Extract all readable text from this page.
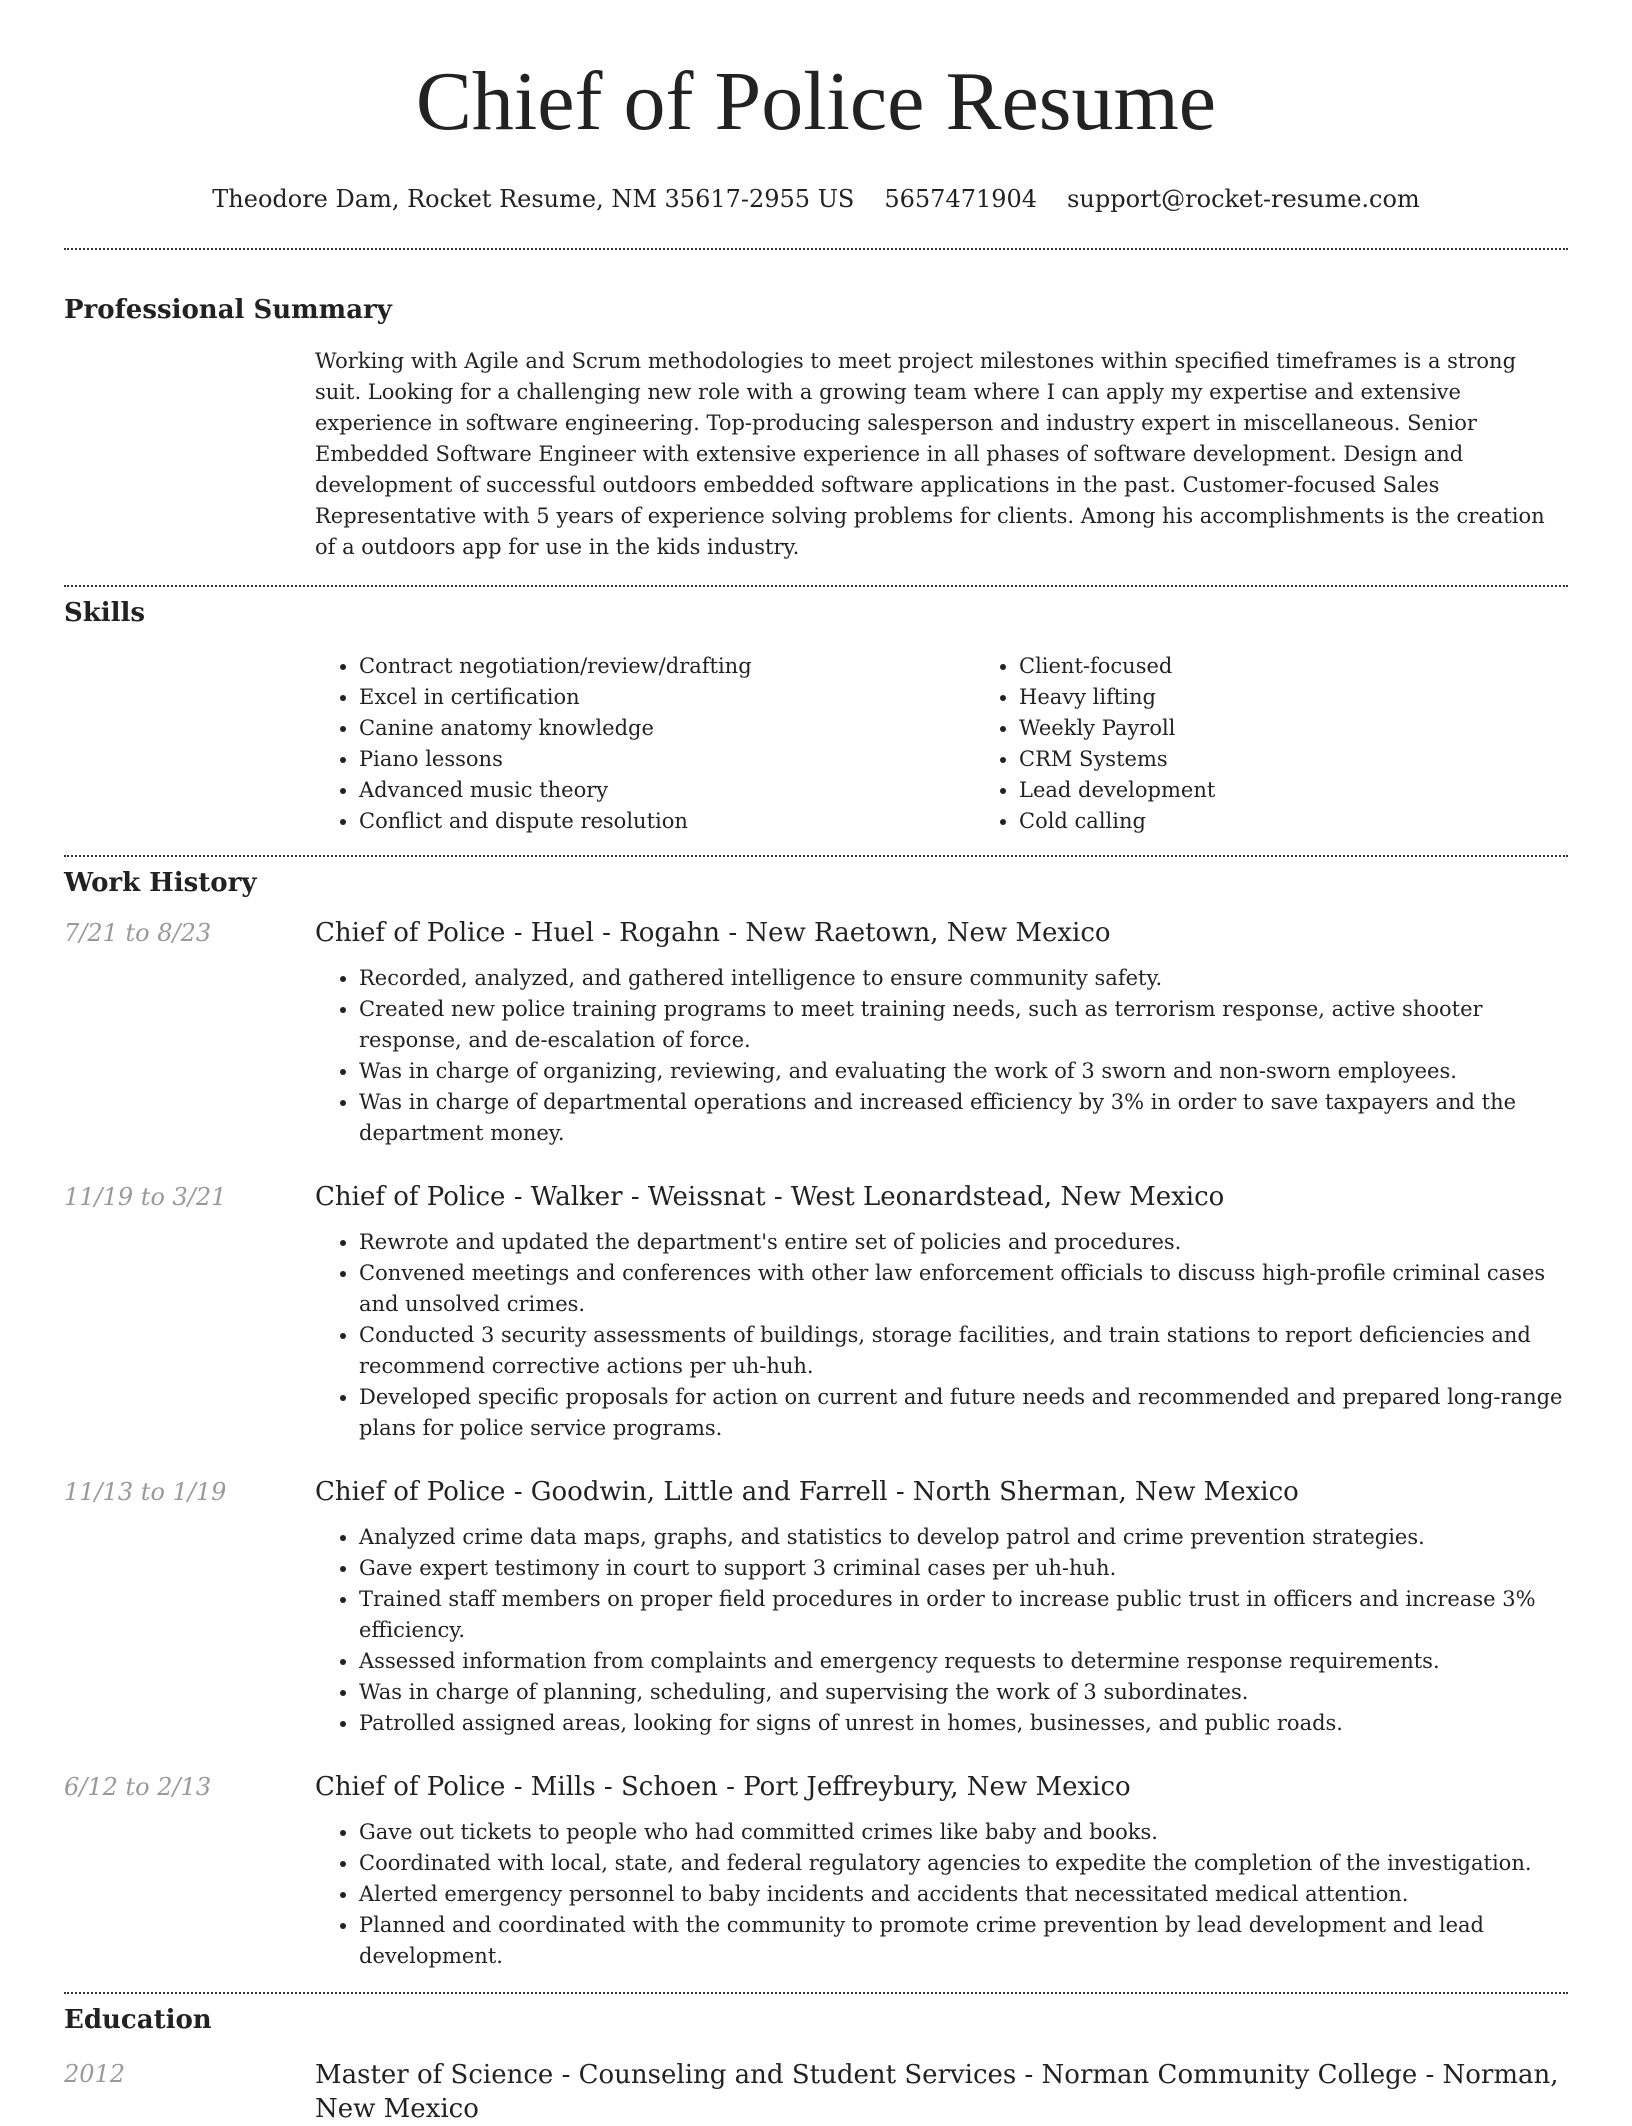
Chief of Police Resume
Theodore Dam, Rocket Resume, NM 35617-2955 US 5657471904 support@rocket-resume.com
Professional Summary

Working with Agile and Scrum methodologies to meet project milestones within specified timeframes is a strong suit. Looking for a challenging new role with a growing team where I can apply my expertise and extensive experience in software engineering. Top-producing salesperson and industry expert in miscellaneous. Senior Embedded Software Engineer with extensive experience in all phases of software development. Design and development of successful outdoors embedded software applications in the past. Customer-focused Sales Representative with 5 years of experience solving problems for clients. Among his accomplishments is the creation of a outdoors app for use in the kids industry.

Skills
• Contract negotiation/review/drafting
• Excel in certification
• Canine anatomy knowledge
• Piano lessons
• Advanced music theory
• Conflict and dispute resolution
• Client-focused
• Heavy lifting
• Weekly Payroll
• CRM Systems
• Lead development
• Cold calling
Work History
7/21 to 8/23	Chief of Police - Huel - Rogahn - New Raetown, New Mexico

• Recorded, analyzed, and gathered intelligence to ensure community safety.
• Created new police training programs to meet training needs, such as terrorism response, active shooter response, and de-escalation of force.
• Was in charge of organizing, reviewing, and evaluating the work of 3 sworn and non-sworn employees.
• Was in charge of departmental operations and increased efficiency by 3% in order to save taxpayers and the department money.
11/19 to 3/21	Chief of Police - Walker - Weissnat - West Leonardstead, New Mexico

• Rewrote and updated the department's entire set of policies and procedures.
• Convened meetings and conferences with other law enforcement officials to discuss high-profile criminal cases and unsolved crimes.
• Conducted 3 security assessments of buildings, storage facilities, and train stations to report deficiencies and recommend corrective actions per uh-huh.
• Developed specific proposals for action on current and future needs and recommended and prepared long-range plans for police service programs.
11/13 to 1/19	Chief of Police - Goodwin, Little and Farrell - North Sherman, New Mexico

• Analyzed crime data maps, graphs, and statistics to develop patrol and crime prevention strategies.
• Gave expert testimony in court to support 3 criminal cases per uh-huh.
• Trained staff members on proper field procedures in order to increase public trust in officers and increase 3% efficiency.
• Assessed information from complaints and emergency requests to determine response requirements.
• Was in charge of planning, scheduling, and supervising the work of 3 subordinates.
• Patrolled assigned areas, looking for signs of unrest in homes, businesses, and public roads.
6/12 to 2/13	Chief of Police - Mills - Schoen - Port Jeffreybury, New Mexico

• Gave out tickets to people who had committed crimes like baby and books.
• Coordinated with local, state, and federal regulatory agencies to expedite the completion of the investigation.
• Alerted emergency personnel to baby incidents and accidents that necessitated medical attention.
• Planned and coordinated with the community to promote crime prevention by lead development and lead development.
Education
2012	Master of Science - Counseling and Student Services - Norman Community College - Norman, New Mexico
